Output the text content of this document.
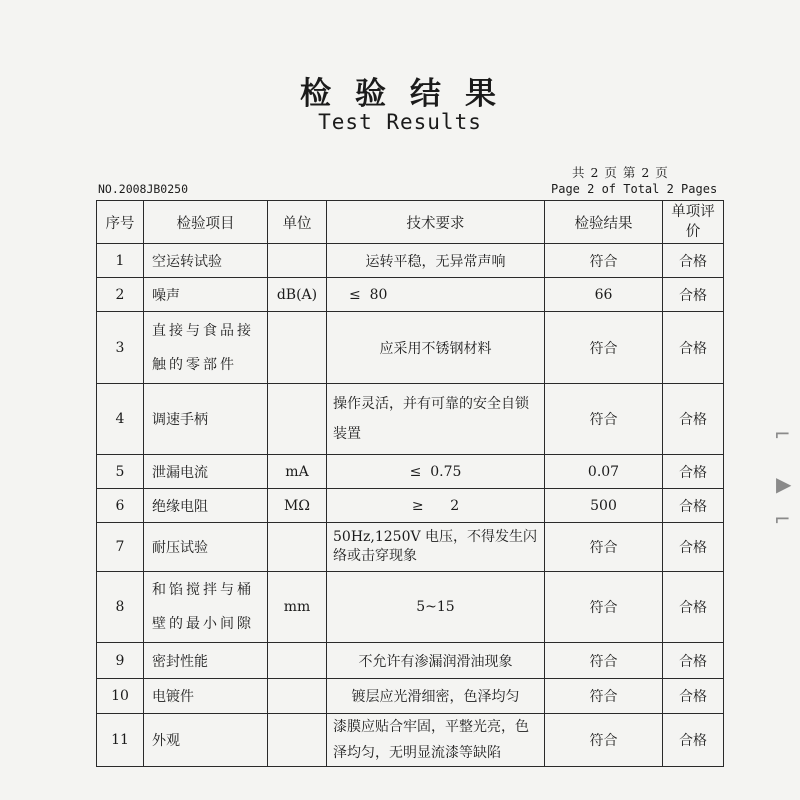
检验结果
Test Results
NO.2008JB0250
共 2 页 第 2 页
Page 2 of Total 2 Pages
序号	检验项目	单位	技术要求	检验结果	单项评价
1	空运转试验		运转平稳，无异常声响	符合	合格
2	噪声	dB(A)	≤  80	66	合格
3	直接与食品接触的零部件		应采用不锈钢材料	符合	合格
4	调速手柄		操作灵活，并有可靠的安全自锁装置	符合	合格
5	泄漏电流	mA	≤  0.75	0.07	合格
6	绝缘电阻	MΩ	≥      2	500	合格
7	耐压试验		50Hz,1250V 电压，不得发生闪络或击穿现象	符合	合格
8	和馅搅拌与桶壁的最小间隙	mm	5~15	符合	合格
9	密封性能		不允许有渗漏润滑油现象	符合	合格
10	电镀件		镀层应光滑细密，色泽均匀	符合	合格
11	外观		漆膜应贴合牢固，平整光亮，色泽均匀，无明显流漆等缺陷	符合	合格
⌐
▶
⌐
